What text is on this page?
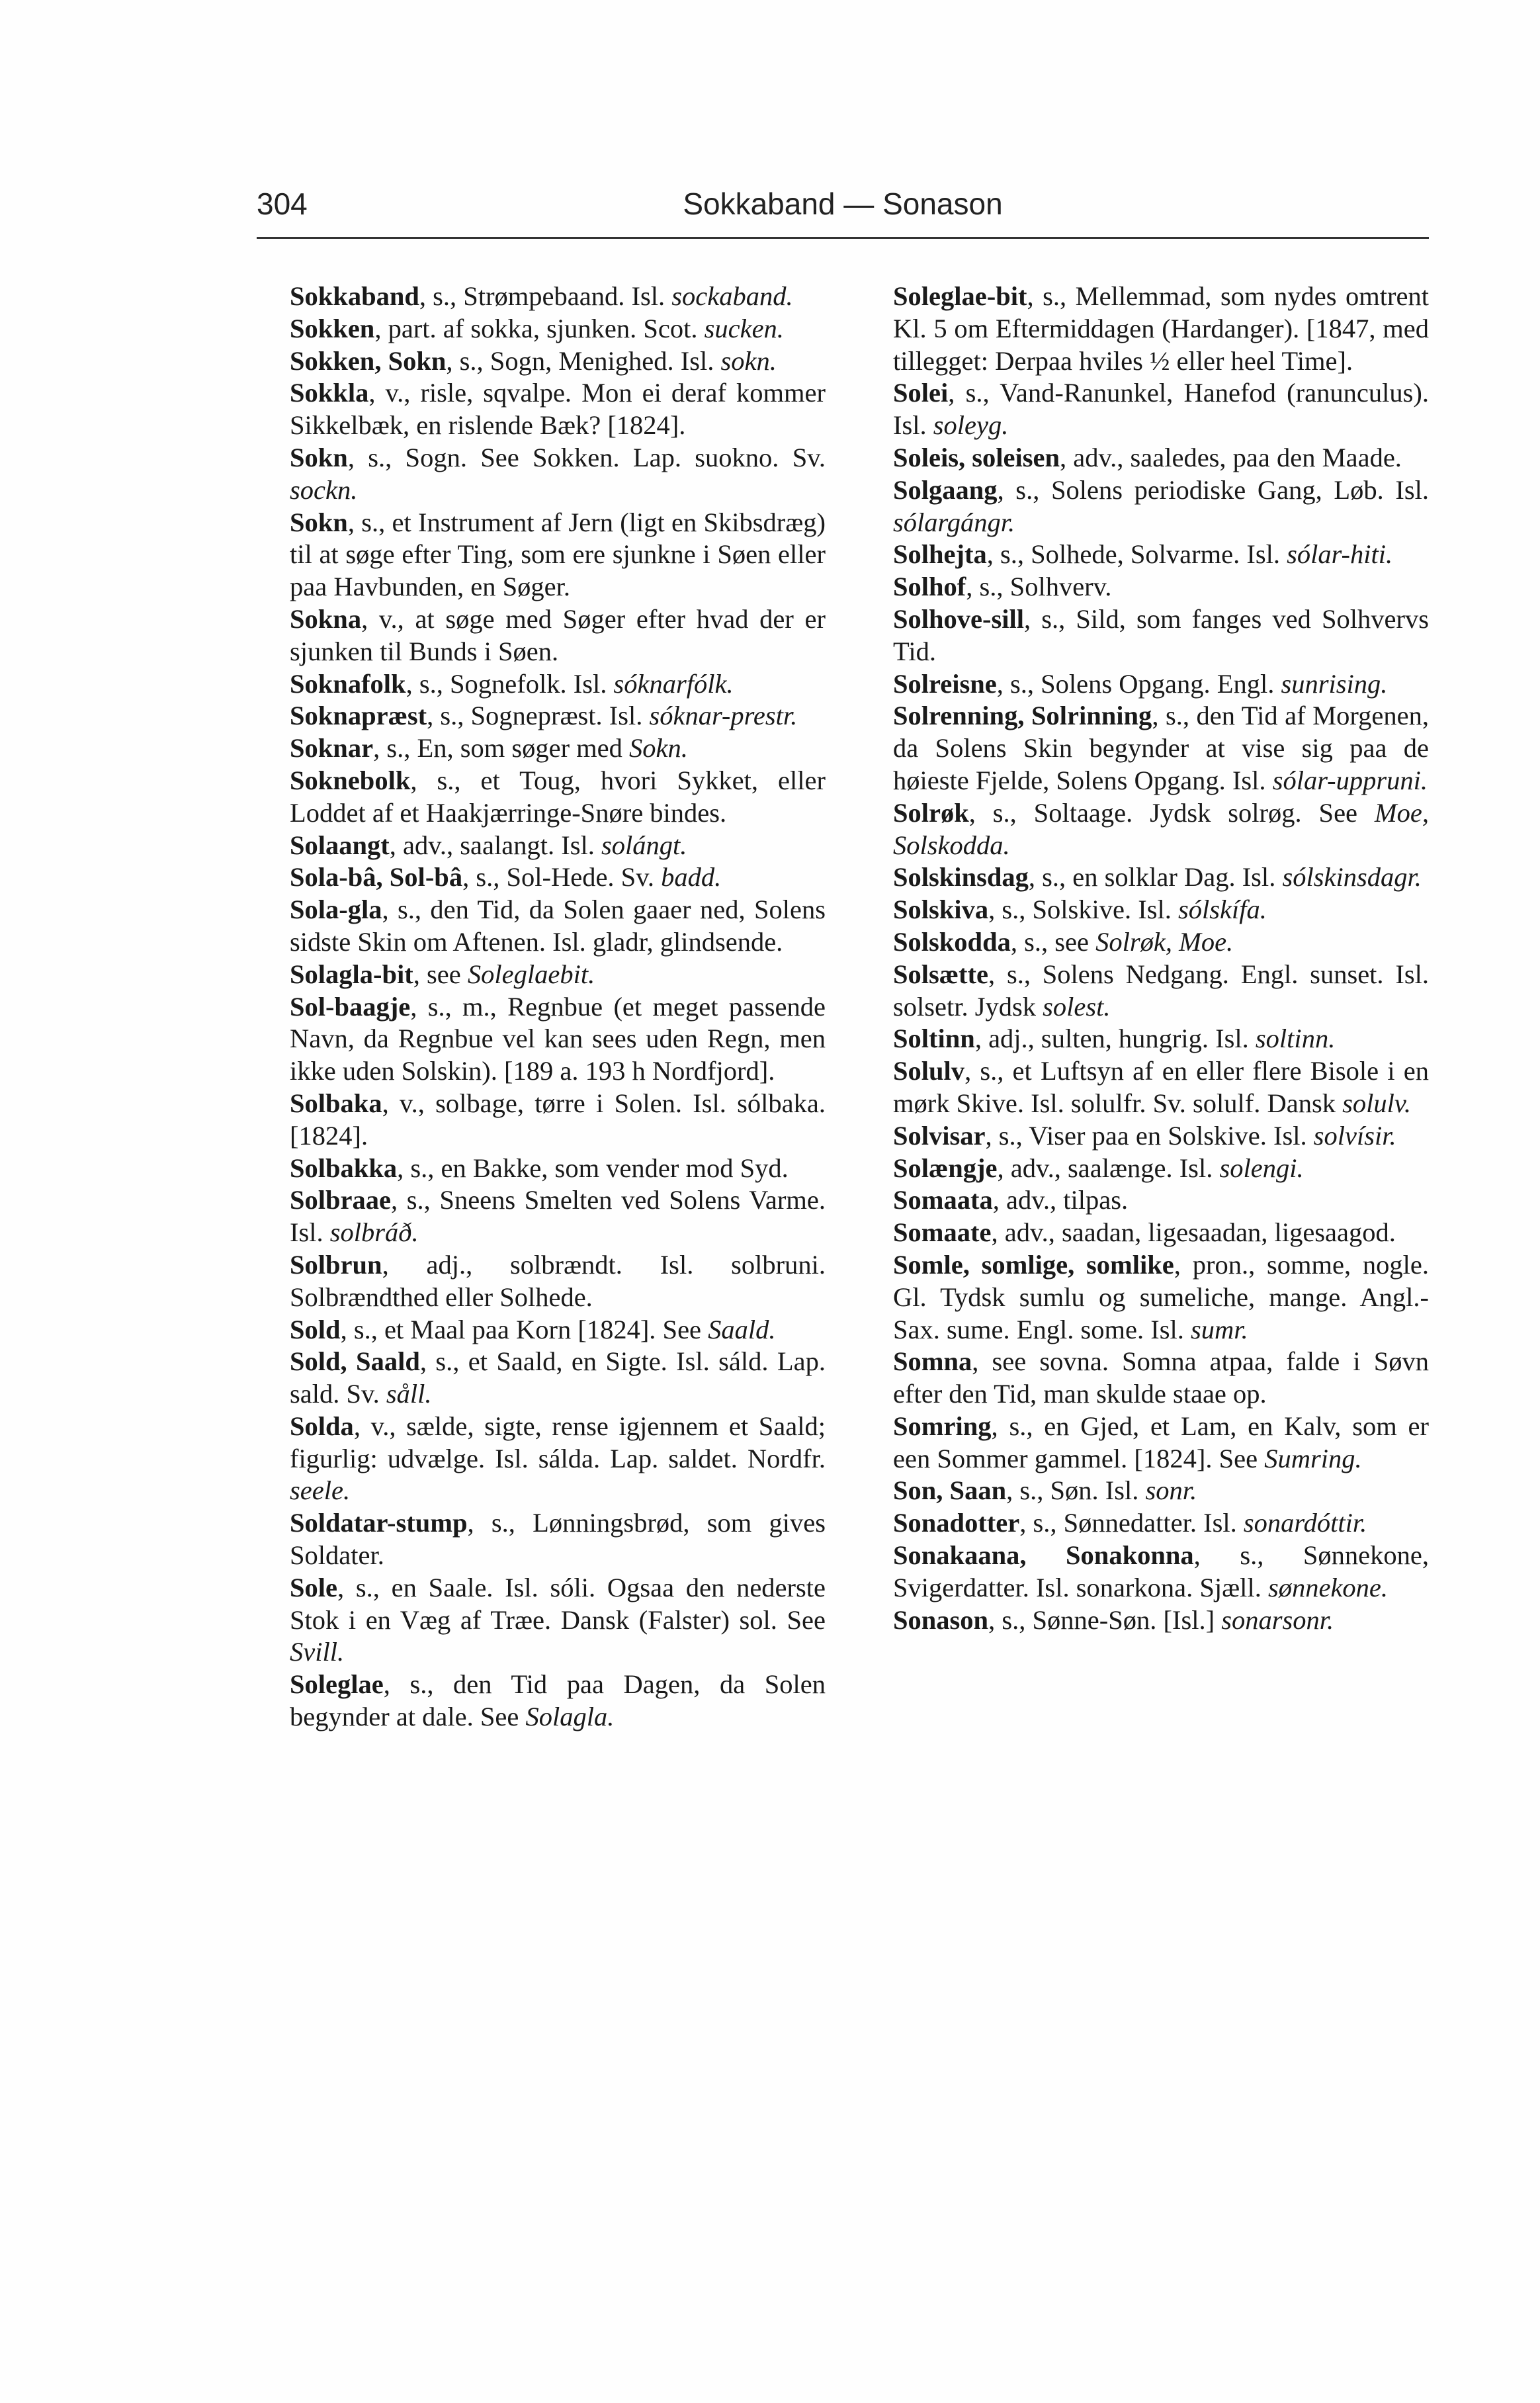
304	Sokkaband — Sonason

Sokkaband, s., Strømpebaand. Isl. sockaband.

Sokken, part. af sokka, sjunken. Scot. sucken.

Sokken, Sokn, s., Sogn, Menighed. Isl. sokn.

Sokkla, v., risle, sqvalpe. Mon ei deraf kommer Sikkelbæk, en rislende Bæk? [1824].

Sokn, s., Sogn. See Sokken. Lap. suokno. Sv. sockn.

Sokn, s., et Instrument af Jern (ligt en Skibsdræg) til at søge efter Ting, som ere sjunkne i Søen eller paa Havbunden, en Søger.

Sokna, v., at søge med Søger efter hvad der er sjunken til Bunds i Søen.

Soknafolk, s., Sognefolk. Isl. sóknarfólk.

Soknapræst, s., Sognepræst. Isl. sóknar-prestr.

Soknar, s., En, som søger med Sokn.

Soknebolk, s., et Toug, hvori Sykket, eller Loddet af et Haakjærringe-Snøre bindes.

Solaangt, adv., saalangt. Isl. solángt.

Sola-bâ, Sol-bâ, s., Sol-Hede. Sv. badd.

Sola-gla, s., den Tid, da Solen gaaer ned, Solens sidste Skin om Aftenen. Isl. gladr, glindsende.

Solagla-bit, see Soleglaebit.

Sol-baagje, s., m., Regnbue (et meget passende Navn, da Regnbue vel kan sees uden Regn, men ikke uden Solskin). [189 a. 193 h Nordfjord].

Solbaka, v., solbage, tørre i Solen. Isl. sólbaka. [1824].

Solbakka, s., en Bakke, som vender mod Syd.

Solbraae, s., Sneens Smelten ved Solens Varme. Isl. solbráð.

Solbrun, adj., solbrændt. Isl. solbruni. Solbrændthed eller Solhede.

Sold, s., et Maal paa Korn [1824]. See Saald.

Sold, Saald, s., et Saald, en Sigte. Isl. sáld. Lap. sald. Sv. såll.

Solda, v., sælde, sigte, rense igjennem et Saald; figurlig: udvælge. Isl. sálda. Lap. saldet. Nordfr. seele.

Soldatar-stump, s., Lønningsbrød, som gives Soldater.

Sole, s., en Saale. Isl. sóli. Ogsaa den nederste Stok i en Væg af Træe. Dansk (Falster) sol. See Svill.

Soleglae, s., den Tid paa Dagen, da Solen begynder at dale. See Solagla.

Soleglae-bit, s., Mellemmad, som nydes omtrent Kl. 5 om Eftermiddagen (Hardanger). [1847, med tillegget: Derpaa hviles ½ eller heel Time].

Solei, s., Vand-Ranunkel, Hanefod (ranunculus). Isl. soleyg.

Soleis, soleisen, adv., saaledes, paa den Maade.

Solgaang, s., Solens periodiske Gang, Løb. Isl. sólargángr.

Solhejta, s., Solhede, Solvarme. Isl. sólar-hiti.

Solhof, s., Solhverv.

Solhove-sill, s., Sild, som fanges ved Solhvervs Tid.

Solreisne, s., Solens Opgang. Engl. sunrising.

Solrenning, Solrinning, s., den Tid af Morgenen, da Solens Skin begynder at vise sig paa de høieste Fjelde, Solens Opgang. Isl. sólar-uppruni.

Solrøk, s., Soltaage. Jydsk solrøg. See Moe, Solskodda.

Solskinsdag, s., en solklar Dag. Isl. sólskinsdagr.

Solskiva, s., Solskive. Isl. sólskífa.

Solskodda, s., see Solrøk, Moe.

Solsætte, s., Solens Nedgang. Engl. sunset. Isl. solsetr. Jydsk solest.

Soltinn, adj., sulten, hungrig. Isl. soltinn.

Solulv, s., et Luftsyn af en eller flere Bisole i en mørk Skive. Isl. solulfr. Sv. solulf. Dansk solulv.

Solvisar, s., Viser paa en Solskive. Isl. solvísir.

Solængje, adv., saalænge. Isl. solengi.

Somaata, adv., tilpas.

Somaate, adv., saadan, ligesaadan, ligesaagod.

Somle, somlige, somlike, pron., somme, nogle. Gl. Tydsk sumlu og sumeliche, mange. Angl.-Sax. sume. Engl. some. Isl. sumr.

Somna, see sovna. Somna atpaa, falde i Søvn efter den Tid, man skulde staae op.

Somring, s., en Gjed, et Lam, en Kalv, som er een Sommer gammel. [1824]. See Sumring.

Son, Saan, s., Søn. Isl. sonr.

Sonadotter, s., Sønnedatter. Isl. sonardóttir.

Sonakaana, Sonakonna, s., Sønnekone, Svigerdatter. Isl. sonarkona. Sjæll. sønnekone.

Sonason, s., Sønne-Søn. [Isl.] sonarsonr.
